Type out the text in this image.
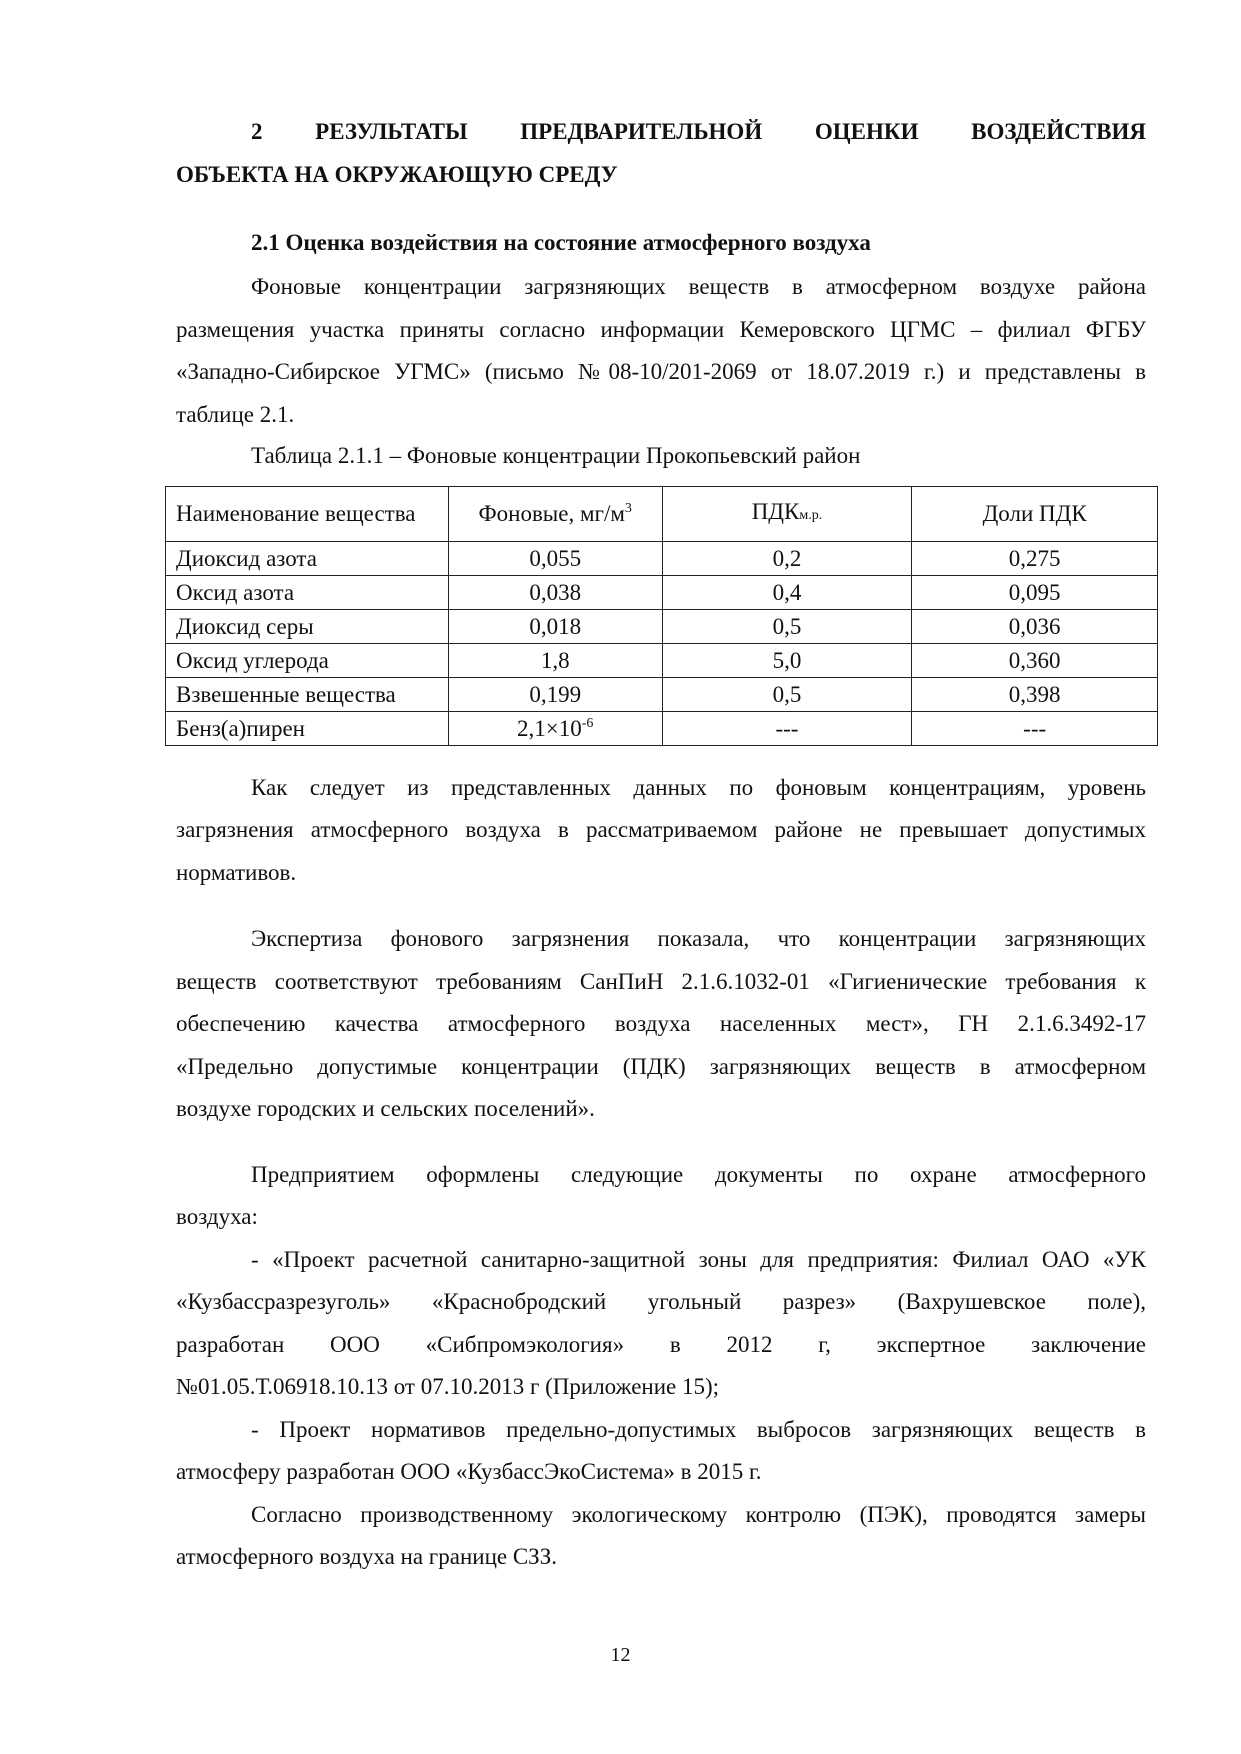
2 РЕЗУЛЬТАТЫ ПРЕДВАРИТЕЛЬНОЙ ОЦЕНКИ ВОЗДЕЙСТВИЯ
ОБЪЕКТА НА ОКРУЖАЮЩУЮ СРЕДУ
2.1 Оценка воздействия на состояние атмосферного воздуха
Фоновые концентрации загрязняющих веществ в атмосферном воздухе района
размещения участка приняты согласно информации Кемеровского ЦГМС – филиал ФГБУ
«Западно-Сибирское УГМС» (письмо №08-10/201-2069 от 18.07.2019 г.) и представлены в
таблице 2.1.
Таблица 2.1.1 – Фоновые концентрации Прокопьевский район
Наименование вещества	Фоновые, $мг/м^3$	ПДКм.р.	Доли ПДК
Диоксид азота	0,055	0,2	0,275
Оксид азота	0,038	0,4	0,095
Диоксид серы	0,018	0,5	0,036
Оксид углерода	1,8	5,0	0,360
Взвешенные вещества	0,199	0,5	0,398
Бенз(а)пирен	$2,1\times 10^{-6}$	---	---
Как следует из представленных данных по фоновым концентрациям, уровень
загрязнения атмосферного воздуха в рассматриваемом районе не превышает допустимых
нормативов.
Экспертиза фонового загрязнения показала, что концентрации загрязняющих
веществ соответствуют требованиям СанПиН 2.1.6.1032-01 «Гигиенические требования к
обеспечению качества атмосферного воздуха населенных мест», ГН 2.1.6.3492-17
«Предельно допустимые концентрации (ПДК) загрязняющих веществ в атмосферном
воздухе городских и сельских поселений».
Предприятием оформлены следующие документы по охране атмосферного
воздуха:
- «Проект расчетной санитарно-защитной зоны для предприятия: Филиал ОАО «УК
«Кузбассразрезуголь» «Краснобродский угольный разрез» (Вахрушевское поле),
разработан ООО «Сибпромэкология» в 2012 г, экспертное заключение
№01.05.Т.06918.10.13 от 07.10.2013 г (Приложение 15);
- Проект нормативов предельно-допустимых выбросов загрязняющих веществ в
атмосферу разработан ООО «КузбассЭкоСистема» в 2015 г.
Согласно производственному экологическому контролю (ПЭК), проводятся замеры
атмосферного воздуха на границе СЗЗ.
12
